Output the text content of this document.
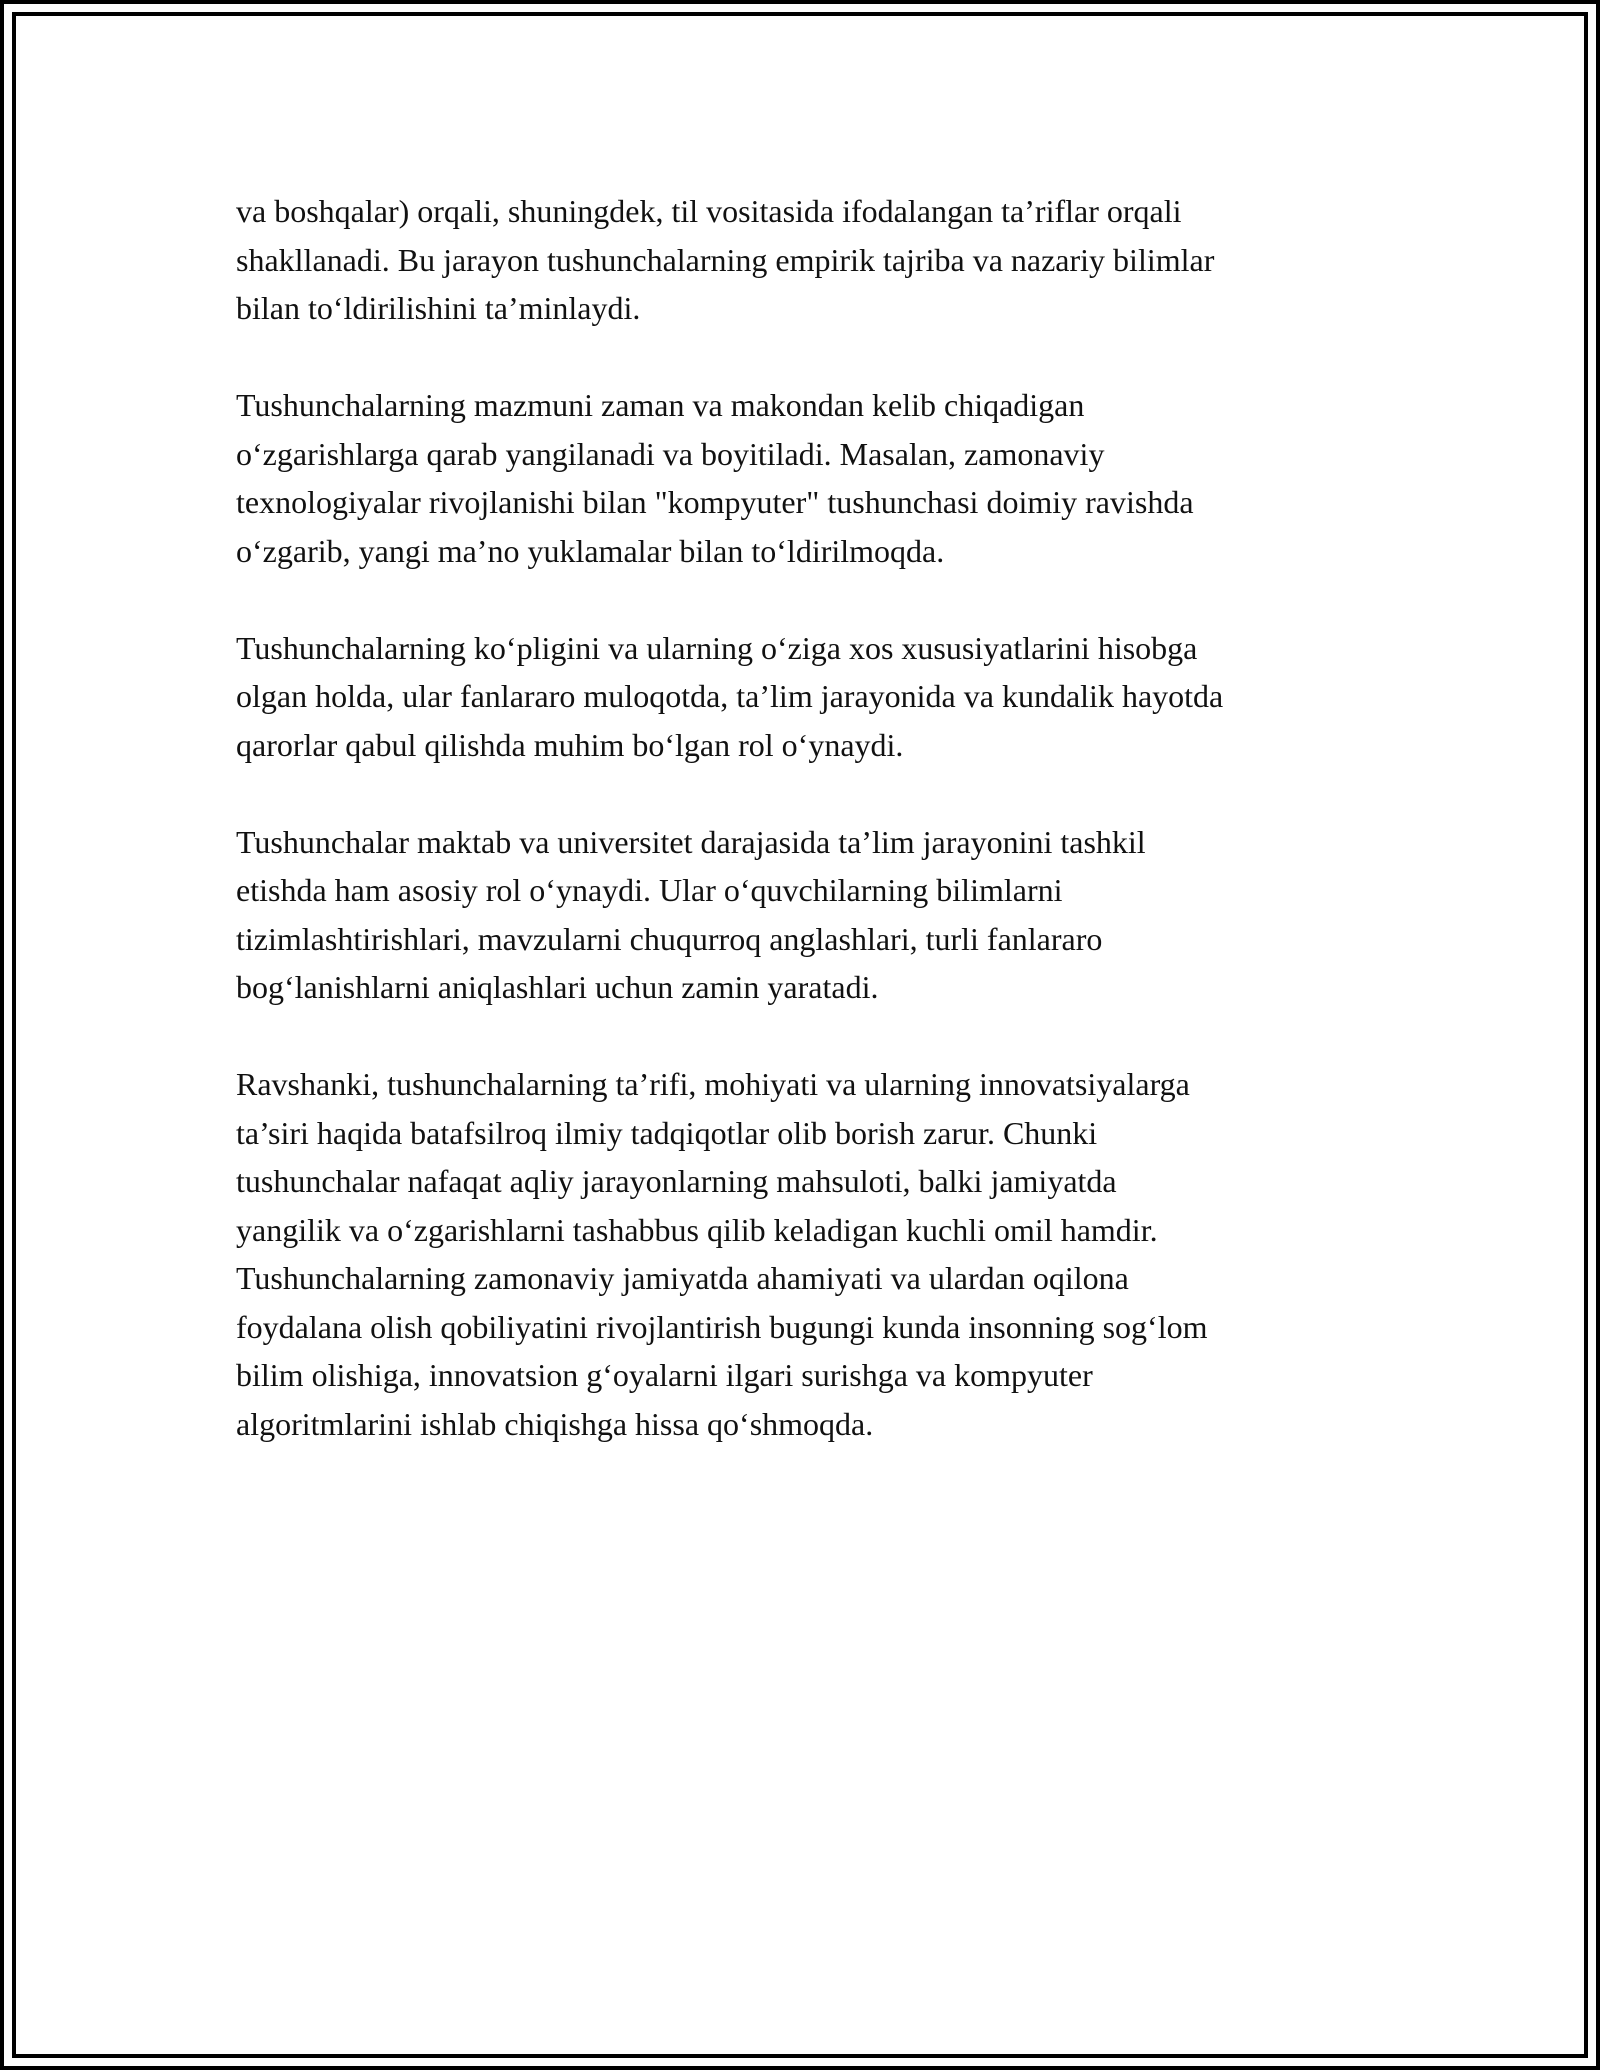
va boshqalar) orqali, shuningdek, til vositasida ifodalangan ta’riflar orqali
shakllanadi. Bu jarayon tushunchalarning empirik tajriba va nazariy bilimlar
bilan to‘ldirilishini ta’minlaydi.

Tushunchalarning mazmuni zaman va makondan kelib chiqadigan
o‘zgarishlarga qarab yangilanadi va boyitiladi. Masalan, zamonaviy
texnologiyalar rivojlanishi bilan "kompyuter" tushunchasi doimiy ravishda
o‘zgarib, yangi ma’no yuklamalar bilan to‘ldirilmoqda.

Tushunchalarning ko‘pligini va ularning o‘ziga xos xususiyatlarini hisobga
olgan holda, ular fanlararo muloqotda, ta’lim jarayonida va kundalik hayotda
qarorlar qabul qilishda muhim bo‘lgan rol o‘ynaydi.

Tushunchalar maktab va universitet darajasida ta’lim jarayonini tashkil
etishda ham asosiy rol o‘ynaydi. Ular o‘quvchilarning bilimlarni
tizimlashtirishlari, mavzularni chuqurroq anglashlari, turli fanlararo
bog‘lanishlarni aniqlashlari uchun zamin yaratadi.

Ravshanki, tushunchalarning ta’rifi, mohiyati va ularning innovatsiyalarga
ta’siri haqida batafsilroq ilmiy tadqiqotlar olib borish zarur. Chunki
tushunchalar nafaqat aqliy jarayonlarning mahsuloti, balki jamiyatda
yangilik va o‘zgarishlarni tashabbus qilib keladigan kuchli omil hamdir.
Tushunchalarning zamonaviy jamiyatda ahamiyati va ulardan oqilona
foydalana olish qobiliyatini rivojlantirish bugungi kunda insonning sog‘lom
bilim olishiga, innovatsion g‘oyalarni ilgari surishga va kompyuter
algoritmlarini ishlab chiqishga hissa qo‘shmoqda.
